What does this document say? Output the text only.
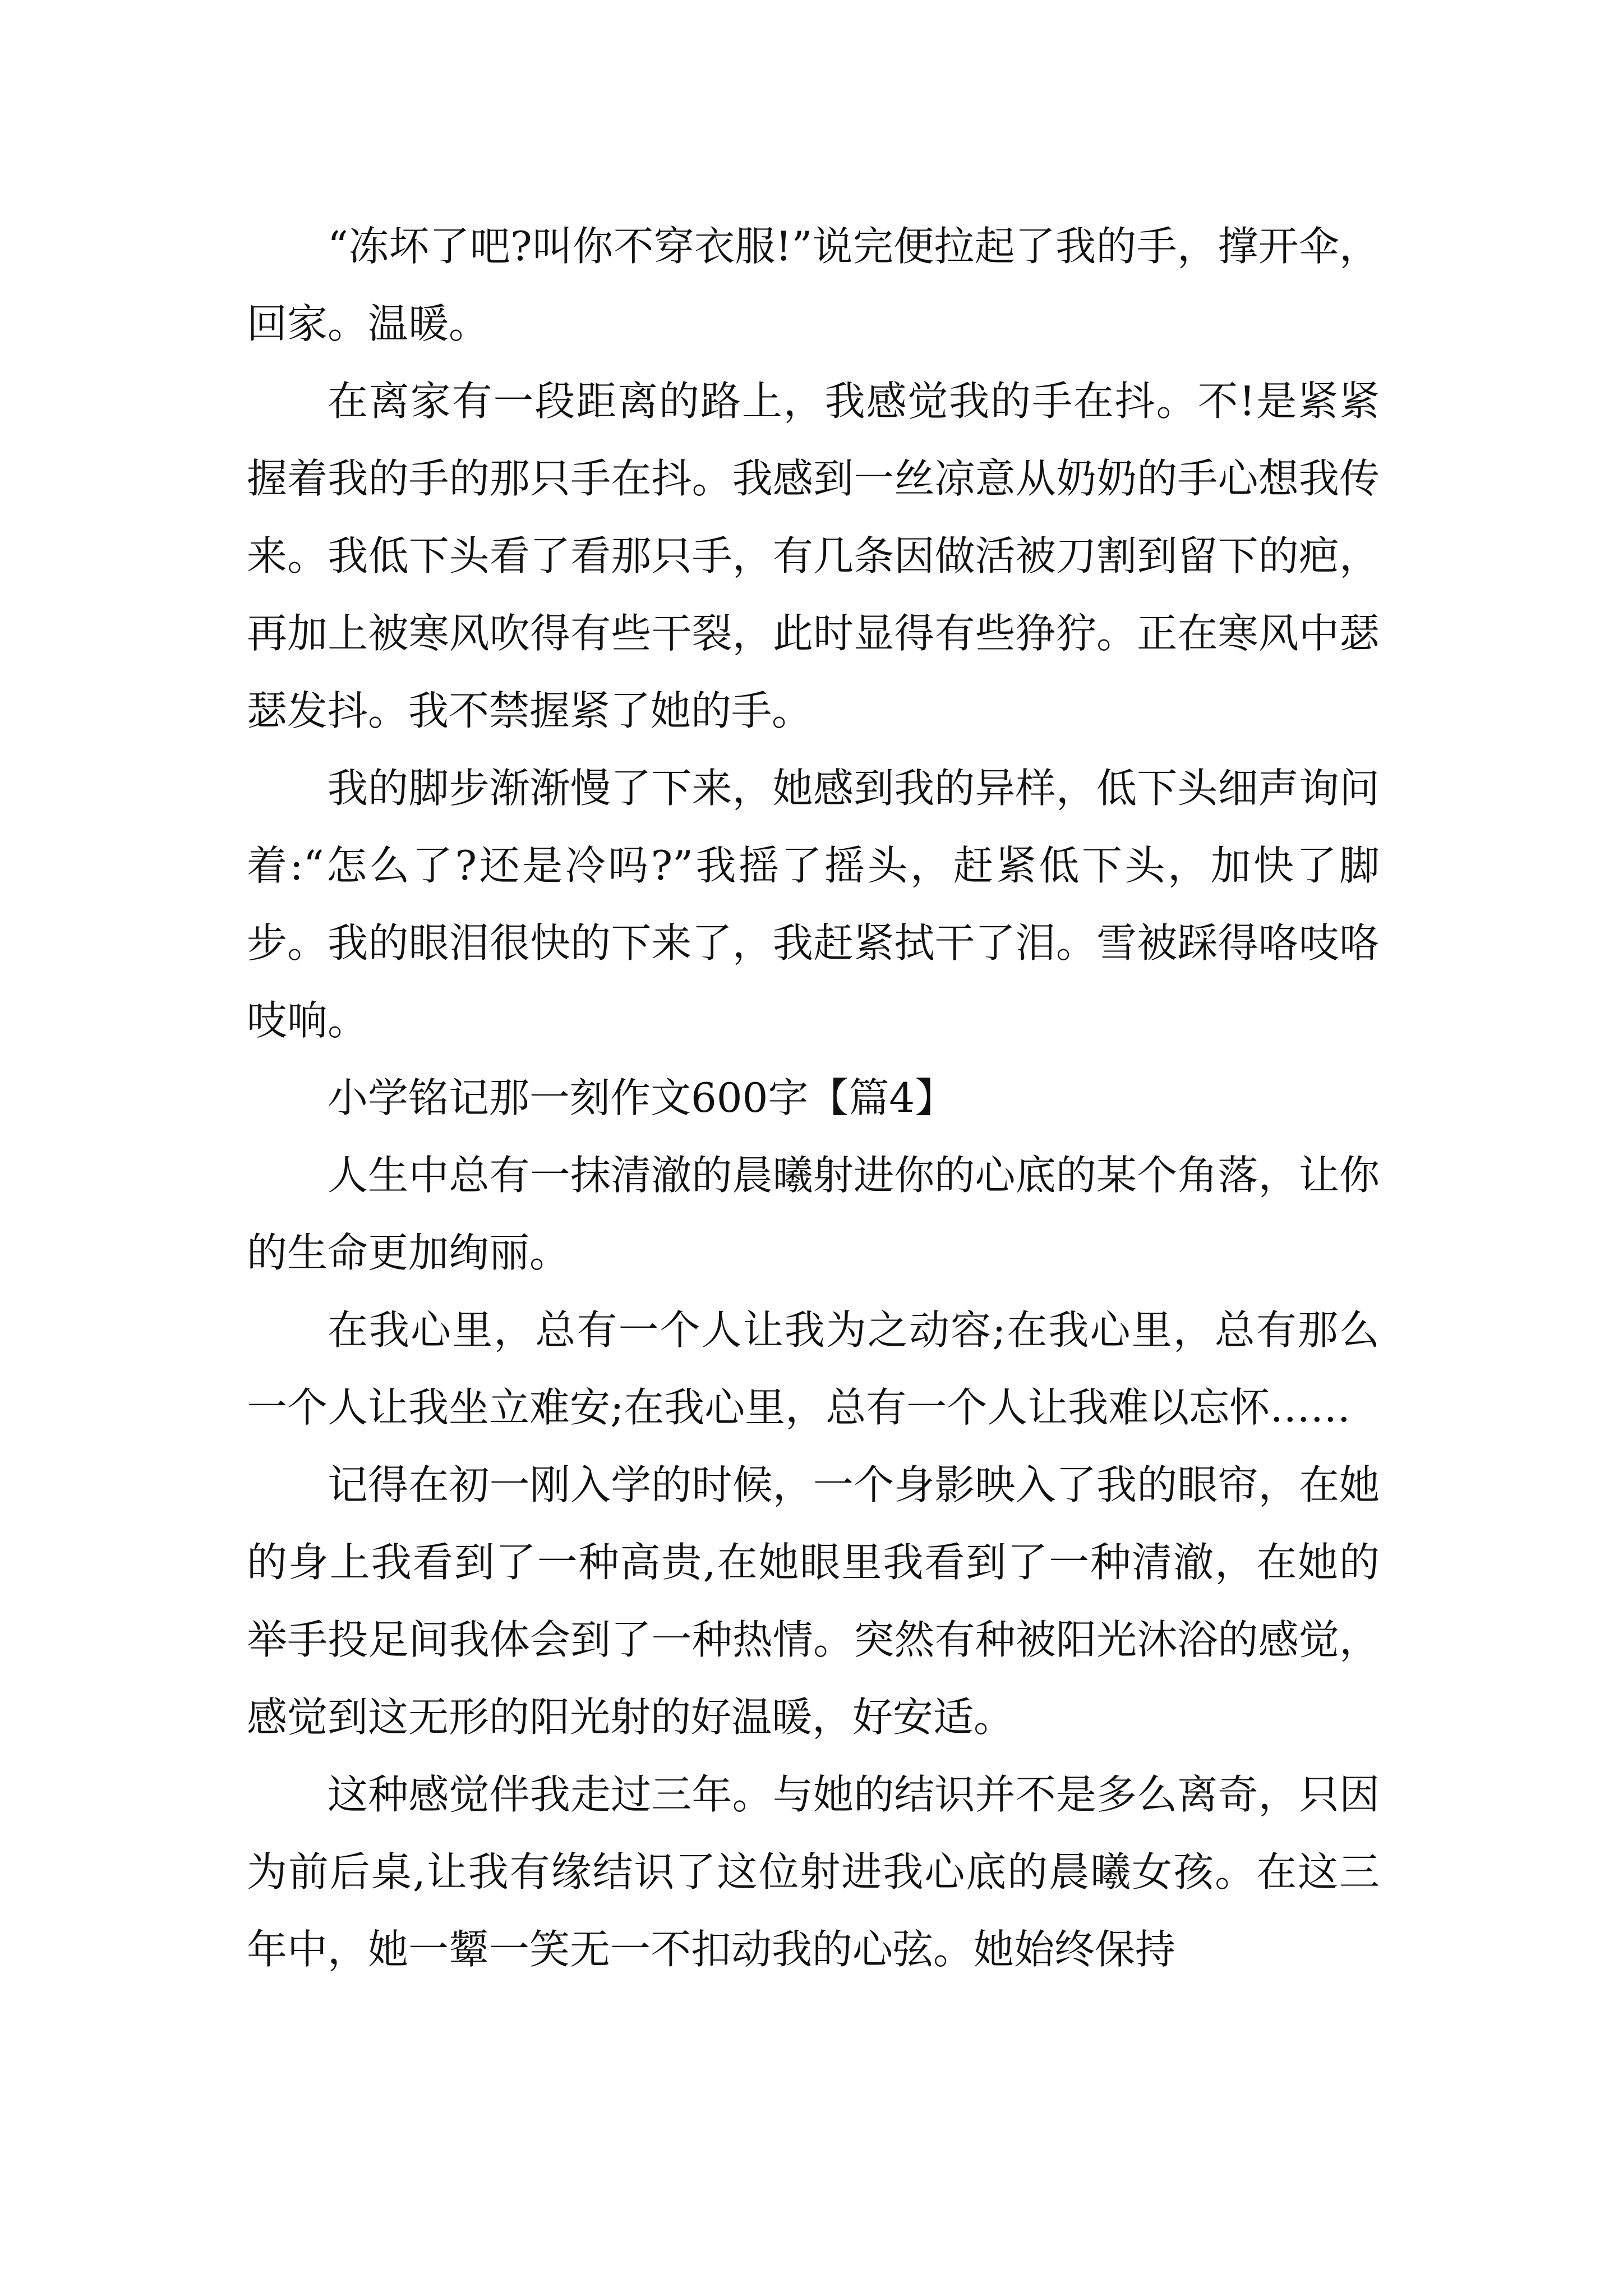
“冻坏了吧?叫你不穿衣服!”说完便拉起了我的手，撑开伞，回家。温暖。

在离家有一段距离的路上，我感觉我的手在抖。不!是紧紧握着我的手的那只手在抖。我感到一丝凉意从奶奶的手心想我传来。我低下头看了看那只手，有几条因做活被刀割到留下的疤，再加上被寒风吹得有些干裂，此时显得有些狰狞。正在寒风中瑟瑟发抖。我不禁握紧了她的手。

我的脚步渐渐慢了下来，她感到我的异样，低下头细声询问着:“怎么了?还是冷吗?”我摇了摇头，赶紧低下头，加快了脚步。我的眼泪很快的下来了，我赶紧拭干了泪。雪被踩得咯吱咯吱响。

小学铭记那一刻作文600字【篇4】

人生中总有一抹清澈的晨曦射进你的心底的某个角落，让你的生命更加绚丽。

在我心里，总有一个人让我为之动容;在我心里，总有那么一个人让我坐立难安;在我心里，总有一个人让我难以忘怀……

记得在初一刚入学的时候，一个身影映入了我的眼帘，在她的身上我看到了一种高贵,在她眼里我看到了一种清澈，在她的举手投足间我体会到了一种热情。突然有种被阳光沐浴的感觉，感觉到这无形的阳光射的好温暖，好安适。

这种感觉伴我走过三年。与她的结识并不是多么离奇，只因为前后桌,让我有缘结识了这位射进我心底的晨曦女孩。在这三年中，她一颦一笑无一不扣动我的心弦。她始终保持
